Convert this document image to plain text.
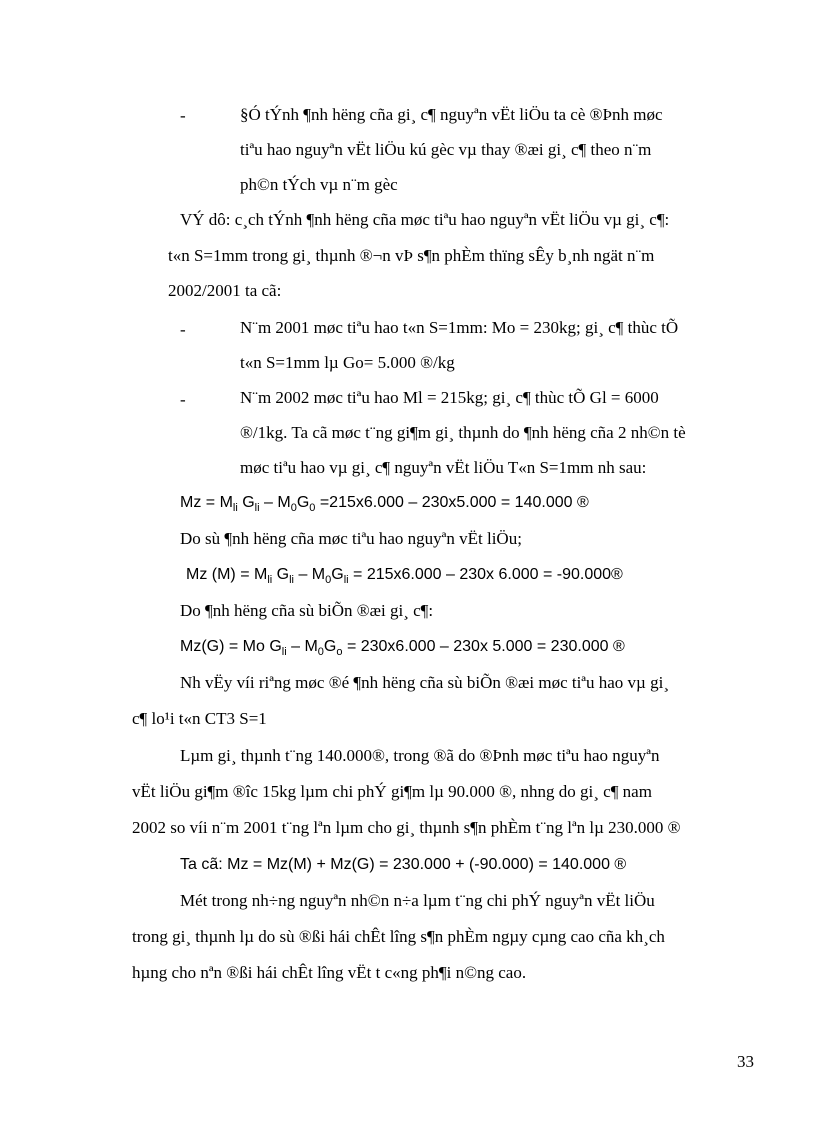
-	§Ó tÝnh ¶nh hëng cña gi¸ c¶ nguyªn vËt liÖu ta cè ®Þnh møc
tiªu hao nguyªn vËt liÖu kú gèc vµ thay ®æi gi¸ c¶ theo n¨m
ph©n tÝch vµ n¨m gèc
VÝ dô: c¸ch tÝnh ¶nh hëng cña møc tiªu hao nguyªn vËt liÖu vµ gi¸ c¶:
t«n S=1mm trong gi¸ thµnh ®¬n vÞ s¶n phÈm thïng sÊy b¸nh ngät n¨m
2002/2001 ta cã:
-	N¨m 2001 møc tiªu hao t«n S=1mm: Mo = 230kg; gi¸ c¶ thùc tÕ
t«n S=1mm lµ Go= 5.000 ®/kg
-	N¨m 2002 møc tiªu hao Ml = 215kg; gi¸ c¶ thùc tÕ Gl = 6000
®/1kg. Ta cã møc t¨ng gi¶m gi¸ thµnh do ¶nh hëng cña 2 nh©n tè
møc tiªu hao vµ gi¸ c¶ nguyªn vËt liÖu T«n S=1mm nh sau:
$Mz = M_{li}$ $G_{li} - M_0G_0 =215x6.000 - 230x5.000 = 140.000$ ®
Do sù ¶nh hëng cña møc tiªu hao nguyªn vËt liÖu;
Mz $(M) = M_{li}$ $G_{li} - M_0G_{li} = 215x6.000 - 230x$ 6.000 = -90.000®
Do ¶nh hëng cña sù biÕn ®æi gi¸ c¶:
Mz(G) = Mo $G_{li} - M_0G_o = 230x6.000 - 230x$ 5.000 = 230.000 ®
Nh vËy víi riªng møc ®é ¶nh hëng cña sù biÕn ®æi møc tiªu hao vµ gi¸
c¶ lo¹i t«n CT3 S=1
Lµm gi¸ thµnh t¨ng 140.000®, trong ®ã do ®Þnh møc tiªu hao nguyªn
vËt liÖu gi¶m ®îc 15kg lµm chi phÝ gi¶m lµ 90.000 ®, nhng do gi¸ c¶ nam
2002 so víi n¨m 2001 t¨ng lªn lµm cho gi¸ thµnh s¶n phÈm t¨ng lªn lµ 230.000 ®
Ta cã: Mz = Mz(M) + Mz(G) = 230.000 + (-90.000) = 140.000 ®
Mét trong nh÷ng nguyªn nh©n n÷a lµm t¨ng chi phÝ nguyªn vËt liÖu
trong gi¸ thµnh lµ do sù ®ßi hái chÊt lîng s¶n phÈm ngµy cµng cao cña kh¸ch
hµng cho nªn ®ßi hái chÊt lîng vËt t c«ng ph¶i n©ng cao.
33
